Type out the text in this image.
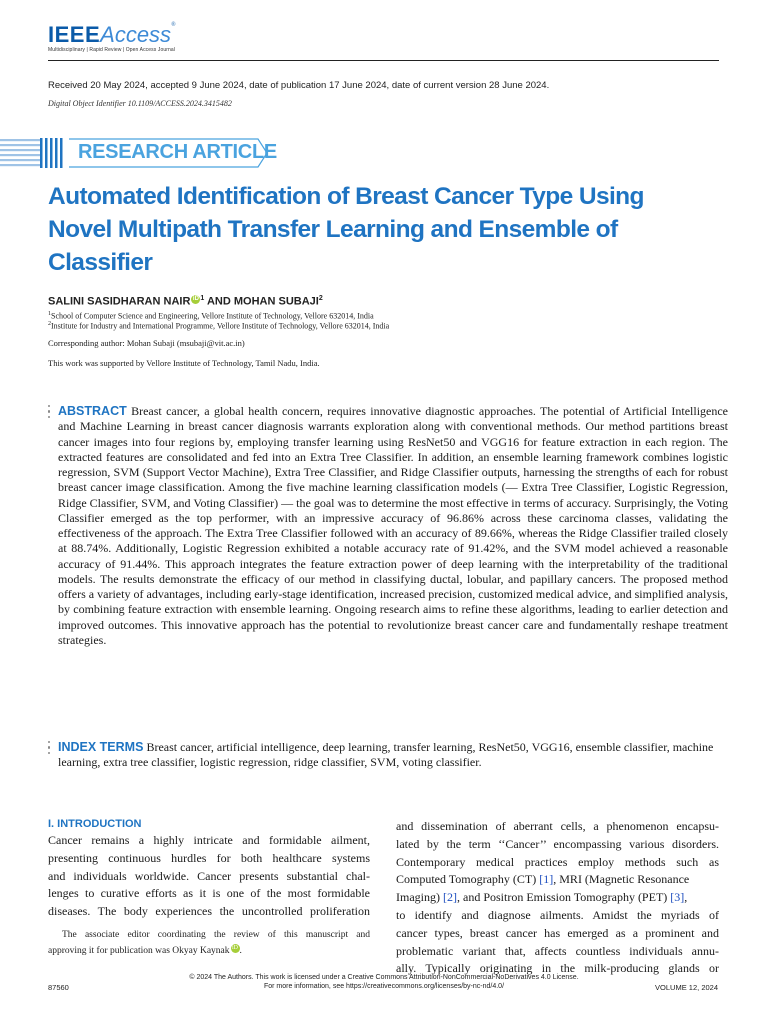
IEEEAccess®
Multidisciplinary | Rapid Review | Open Access Journal
Received 20 May 2024, accepted 9 June 2024, date of publication 17 June 2024, date of current version 28 June 2024.
Digital Object Identifier 10.1109/ACCESS.2024.3415482
RESEARCH ARTICLE
Automated Identification of Breast Cancer Type Using Novel Multipath Transfer Learning and Ensemble of Classifier
SALINI SASIDHARAN NAIR iD $^1$ AND MOHAN SUBAJI$^2$
$^1$School of Computer Science and Engineering, Vellore Institute of Technology, Vellore 632014, India
$^2$Institute for Industry and International Programme, Vellore Institute of Technology, Vellore 632014, India
Corresponding author: Mohan Subaji (msubaji@vit.ac.in)
This work was supported by Vellore Institute of Technology, Tamil Nadu, India.
ABSTRACT Breast cancer, a global health concern, requires innovative diagnostic approaches. The potential of Artificial Intelligence and Machine Learning in breast cancer diagnosis warrants exploration along with conventional methods. Our method partitions breast cancer images into four regions by, employing transfer learning using ResNet50 and VGG16 for feature extraction in each region. The extracted features are consolidated and fed into an Extra Tree Classifier. In addition, an ensemble learning framework combines logistic regression, SVM (Support Vector Machine), Extra Tree Classifier, and Ridge Classifier outputs, harnessing the strengths of each for robust breast cancer image classification. Among the five machine learning classification models (— Extra Tree Classifier, Logistic Regression, Ridge Classifier, SVM, and Voting Classifier) — the goal was to determine the most effective in terms of accuracy. Surprisingly, the Voting Classifier emerged as the top performer, with an impressive accuracy of 96.86% across these carcinoma classes, validating the effectiveness of the approach. The Extra Tree Classifier followed with an accuracy of 89.66%, whereas the Ridge Classifier trailed closely at 88.74%. Additionally, Logistic Regression exhibited a notable accuracy rate of 91.42%, and the SVM model achieved a reasonable accuracy of 91.44%. This approach integrates the feature extraction power of deep learning with the interpretability of the traditional models. The results demonstrate the efficacy of our method in classifying ductal, lobular, and papillary cancers. The proposed method offers a variety of advantages, including early-stage identification, increased precision, customized medical advice, and simplified analysis, by combining feature extraction with ensemble learning. Ongoing research aims to refine these algorithms, leading to earlier detection and improved outcomes. This innovative approach has the potential to revolutionize breast cancer care and fundamentally reshape treatment strategies.
INDEX TERMS Breast cancer, artificial intelligence, deep learning, transfer learning, ResNet50, VGG16, ensemble classifier, machine learning, extra tree classifier, logistic regression, ridge classifier, SVM, voting classifier.
I. INTRODUCTION
Cancer remains a highly intricate and formidable ailment,
presenting continuous hurdles for both healthcare systems
and individuals worldwide. Cancer presents substantial chal-
lenges to curative efforts as it is one of the most formidable
diseases. The body experiences the uncontrolled proliferation
and dissemination of aberrant cells, a phenomenon encapsu-
lated by the term ‘‘Cancer’’ encompassing various disorders.
Contemporary medical practices employ methods such as
Computed Tomography (CT) [1], MRI (Magnetic Resonance
Imaging) [2], and Positron Emission Tomography (PET) [3],
to identify and diagnose ailments. Amidst the myriads of
cancer types, breast cancer has emerged as a prominent and
problematic variant that, affects countless individuals annu-
ally. Typically originating in the milk-producing glands or
The associate editor coordinating the review of this manuscript and
approving it for publication was Okyay Kaynak iD .
© 2024 The Authors. This work is licensed under a Creative Commons Attribution-NonCommercial-NoDerivatives 4.0 License.
For more information, see https://creativecommons.org/licenses/by-nc-nd/4.0/
87560	VOLUME 12, 2024
